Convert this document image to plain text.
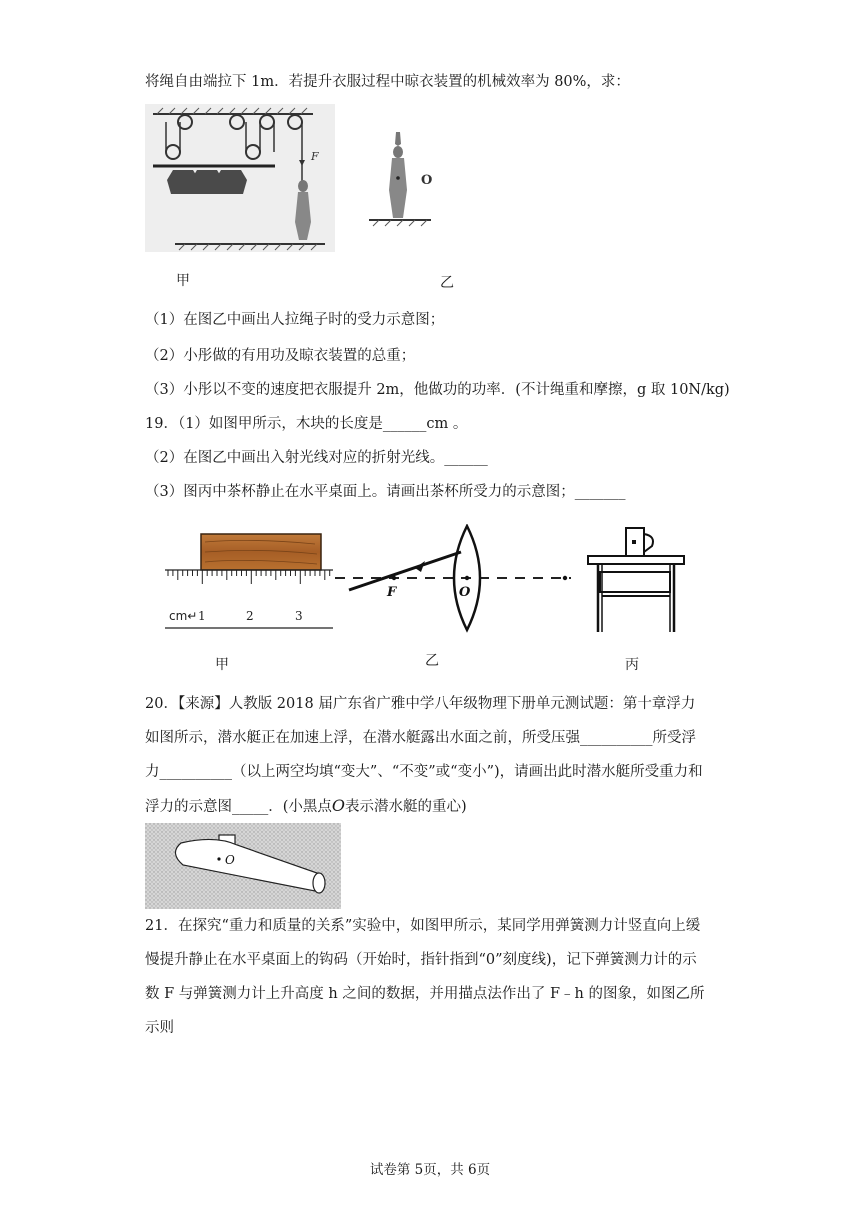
将绳自由端拉下 1m．若提升衣服过程中晾衣装置的机械效率为 80%，求：
F
O
甲	乙
（1）在图乙中画出人拉绳子时的受力示意图；
（2）小彤做的有用功及晾衣装置的总重；
（3）小彤以不变的速度把衣服提升 2m，他做功的功率．(不计绳重和摩擦，g 取 10N/kg)
19．（1）如图甲所示，木块的长度是______cm 。
（2）在图乙中画出入射光线对应的折射光线。______
（3）图丙中茶杯静止在水平桌面上。请画出茶杯所受力的示意图；_______
cm↵ 1	2	3
F	O
甲	乙	丙
20．【来源】人教版 2018 届广东省广雅中学八年级物理下册单元测试题：第十章浮力
如图所示，潜水艇正在加速上浮，在潜水艇露出水面之前，所受压强__________所受浮
力__________（以上两空均填“变大”、“不变”或“变小”)，请画出此时潜水艇所受重力和
浮力的示意图_____．(小黑点O表示潜水艇的重心)
O
21．在探究“重力和质量的关系”实验中，如图甲所示，某同学用弹簧测力计竖直向上缓
慢提升静止在水平桌面上的钩码（开始时，指针指到“0”刻度线)，记下弹簧测力计的示
数 F 与弹簧测力计上升高度 h 之间的数据，并用描点法作出了 F﹣h 的图象，如图乙所
示则
试卷第 5页，共 6页
